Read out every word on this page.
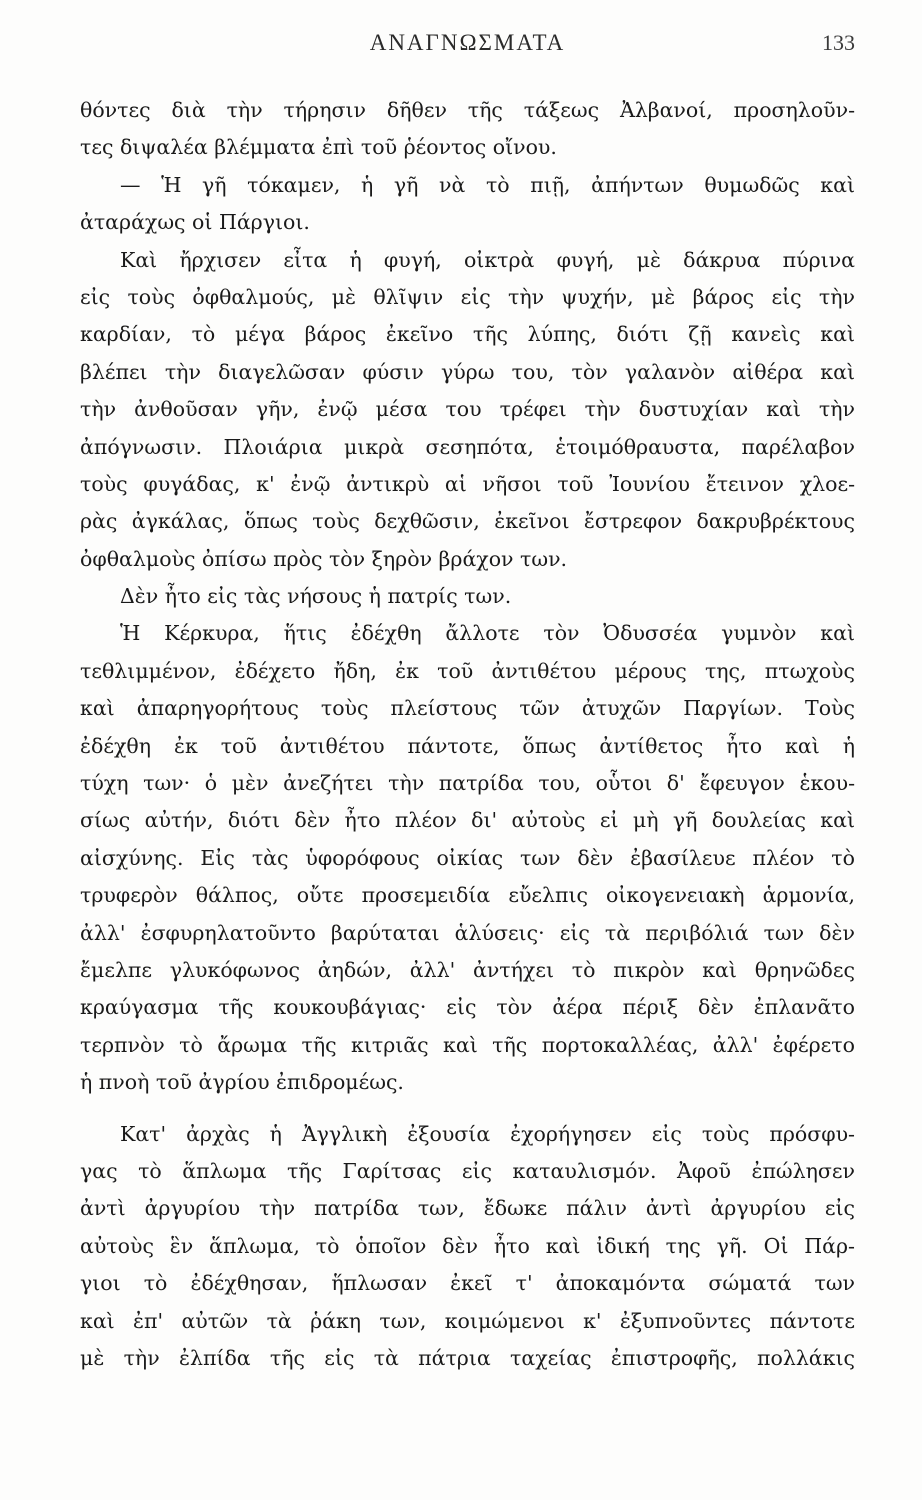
ΑΝΑΓΝΩΣΜΑΤΑ	133
θόντες διὰ τὴν τήρησιν δῆθεν τῆς τάξεως Ἀλβανοί, προσηλοῦν-
τες διψαλέα βλέμματα ἐπὶ τοῦ ῥέοντος οἴνου.
— Ἡ γῆ τόκαμεν, ἡ γῆ νὰ τὸ πιῇ, ἀπήντων θυμωδῶς καὶ
ἀταράχως οἱ Πάργιοι.
Καὶ ἤρχισεν εἶτα ἡ φυγή, οἰκτρὰ φυγή, μὲ δάκρυα πύρινα
εἰς τοὺς ὀφθαλμούς, μὲ θλῖψιν εἰς τὴν ψυχήν, μὲ βάρος εἰς τὴν
καρδίαν, τὸ μέγα βάρος ἐκεῖνο τῆς λύπης, διότι ζῇ κανεὶς καὶ
βλέπει τὴν διαγελῶσαν φύσιν γύρω του, τὸν γαλανὸν αἰθέρα καὶ
τὴν ἀνθοῦσαν γῆν, ἐνῷ μέσα του τρέφει τὴν δυστυχίαν καὶ τὴν
ἀπόγνωσιν. Πλοιάρια μικρὰ σεσηπότα, ἑτοιμόθραυστα, παρέλαβον
τοὺς φυγάδας, κ' ἐνῷ ἀντικρὺ αἱ νῆσοι τοῦ Ἰουνίου ἔτεινον χλοε-
ρὰς ἀγκάλας, ὅπως τοὺς δεχθῶσιν, ἐκεῖνοι ἔστρεφον δακρυβρέκτους
ὀφθαλμοὺς ὀπίσω πρὸς τὸν ξηρὸν βράχον των.
Δὲν ἦτο εἰς τὰς νήσους ἡ πατρίς των.
Ἡ Κέρκυρα, ἥτις ἐδέχθη ἄλλοτε τὸν Ὀδυσσέα γυμνὸν καὶ
τεθλιμμένον, ἐδέχετο ἤδη, ἐκ τοῦ ἀντιθέτου μέρους της, πτωχοὺς
καὶ ἀπαρηγορήτους τοὺς πλείστους τῶν ἀτυχῶν Παργίων. Τοὺς
ἐδέχθη ἐκ τοῦ ἀντιθέτου πάντοτε, ὅπως ἀντίθετος ἦτο καὶ ἡ
τύχη των· ὁ μὲν ἀνεζήτει τὴν πατρίδα του, οὗτοι δ' ἔφευγον ἑκου-
σίως αὐτήν, διότι δὲν ἦτο πλέον δι' αὐτοὺς εἰ μὴ γῆ δουλείας καὶ
αἰσχύνης. Εἰς τὰς ὑφορόφους οἰκίας των δὲν ἐβασίλευε πλέον τὸ
τρυφερὸν θάλπος, οὔτε προσεμειδία εὔελπις οἰκογενειακὴ ἁρμονία,
ἀλλ' ἐσφυρηλατοῦντο βαρύταται ἁλύσεις· εἰς τὰ περιβόλιά των δὲν
ἔμελπε γλυκόφωνος ἀηδών, ἀλλ' ἀντήχει τὸ πικρὸν καὶ θρηνῶδες
κραύγασμα τῆς κουκουβάγιας· εἰς τὸν ἀέρα πέριξ δὲν ἐπλανᾶτο
τερπνὸν τὸ ἄρωμα τῆς κιτριᾶς καὶ τῆς πορτοκαλλέας, ἀλλ' ἐφέρετο
ἡ πνοὴ τοῦ ἀγρίου ἐπιδρομέως.
Κατ' ἀρχὰς ἡ Ἀγγλικὴ ἐξουσία ἐχορήγησεν εἰς τοὺς πρόσφυ-
γας τὸ ἅπλωμα τῆς Γαρίτσας εἰς καταυλισμόν. Ἀφοῦ ἐπώλησεν
ἀντὶ ἀργυρίου τὴν πατρίδα των, ἔδωκε πάλιν ἀντὶ ἀργυρίου εἰς
αὐτοὺς ἓν ἅπλωμα, τὸ ὁποῖον δὲν ἦτο καὶ ἰδική της γῆ. Οἱ Πάρ-
γιοι τὸ ἐδέχθησαν, ἥπλωσαν ἐκεῖ τ' ἀποκαμόντα σώματά των
καὶ ἐπ' αὐτῶν τὰ ῥάκη των, κοιμώμενοι κ' ἐξυπνοῦντες πάντοτε
μὲ τὴν ἐλπίδα τῆς εἰς τὰ πάτρια ταχείας ἐπιστροφῆς, πολλάκις
